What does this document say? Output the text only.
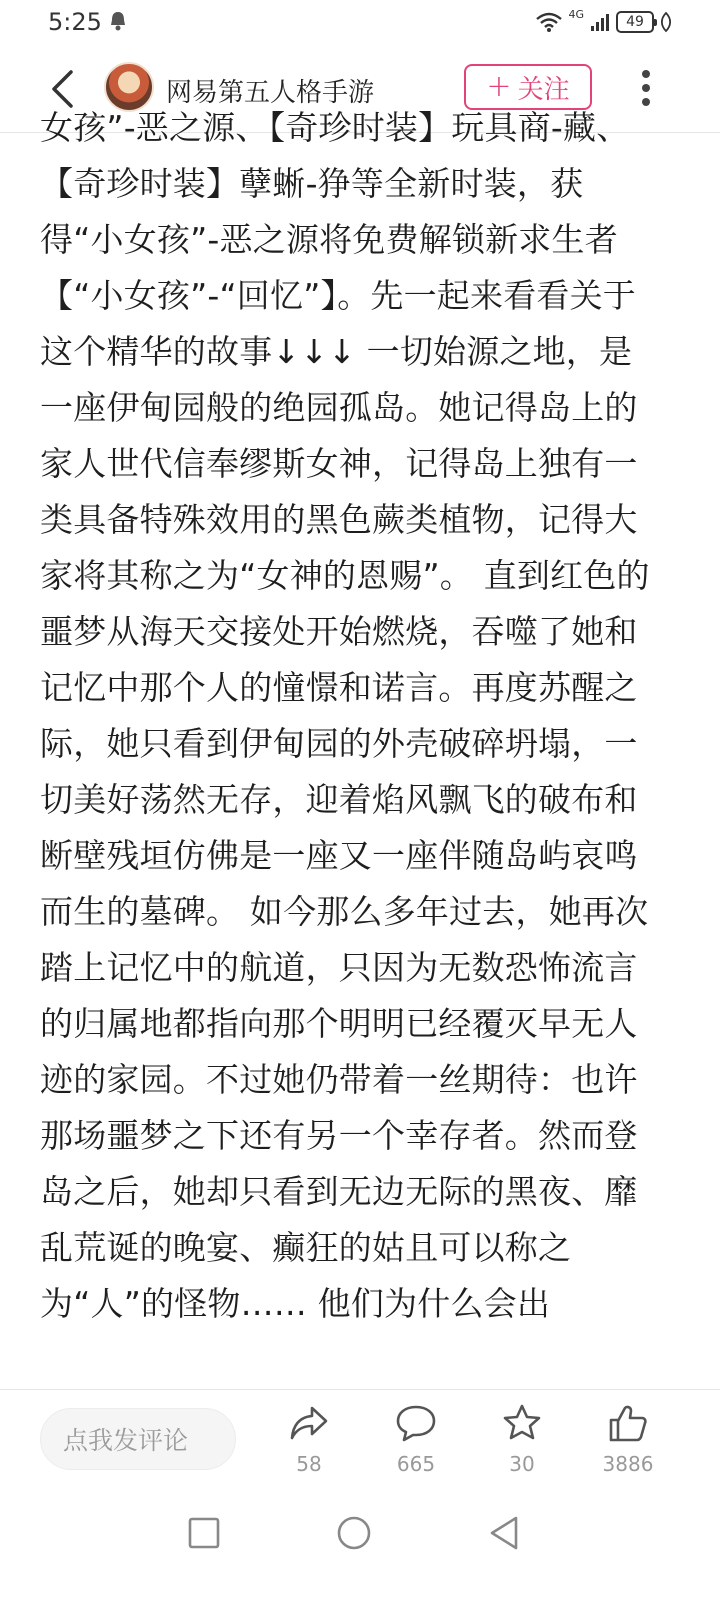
5:25	4G	49
网易第五人格手游	+ 关注

女孩”-恶之源、【奇珍时装】玩具商-藏、【奇珍时装】孽蜥-狰等全新时装，获得“小女孩”-恶之源将免费解锁新求生者【“小女孩”-“回忆”】。先一起来看看关于这个精华的故事↓↓↓ 一切始源之地，是一座伊甸园般的绝园孤岛。她记得岛上的家人世代信奉缪斯女神，记得岛上独有一类具备特殊效用的黑色蕨类植物，记得大家将其称之为“女神的恩赐”。 直到红色的噩梦从海天交接处开始燃烧，吞噬了她和记忆中那个人的憧憬和诺言。再度苏醒之际，她只看到伊甸园的外壳破碎坍塌，一切美好荡然无存，迎着焰风飘飞的破布和断壁残垣仿佛是一座又一座伴随岛屿哀鸣而生的墓碑。 如今那么多年过去，她再次踏上记忆中的航道，只因为无数恐怖流言的归属地都指向那个明明已经覆灭早无人迹的家园。不过她仍带着一丝期待：也许那场噩梦之下还有另一个幸存者。然而登岛之后，她却只看到无边无际的黑夜、靡乱荒诞的晚宴、癫狂的姑且可以称之为“人”的怪物…… 他们为什么会出

点我发评论
58	665	30	3886
